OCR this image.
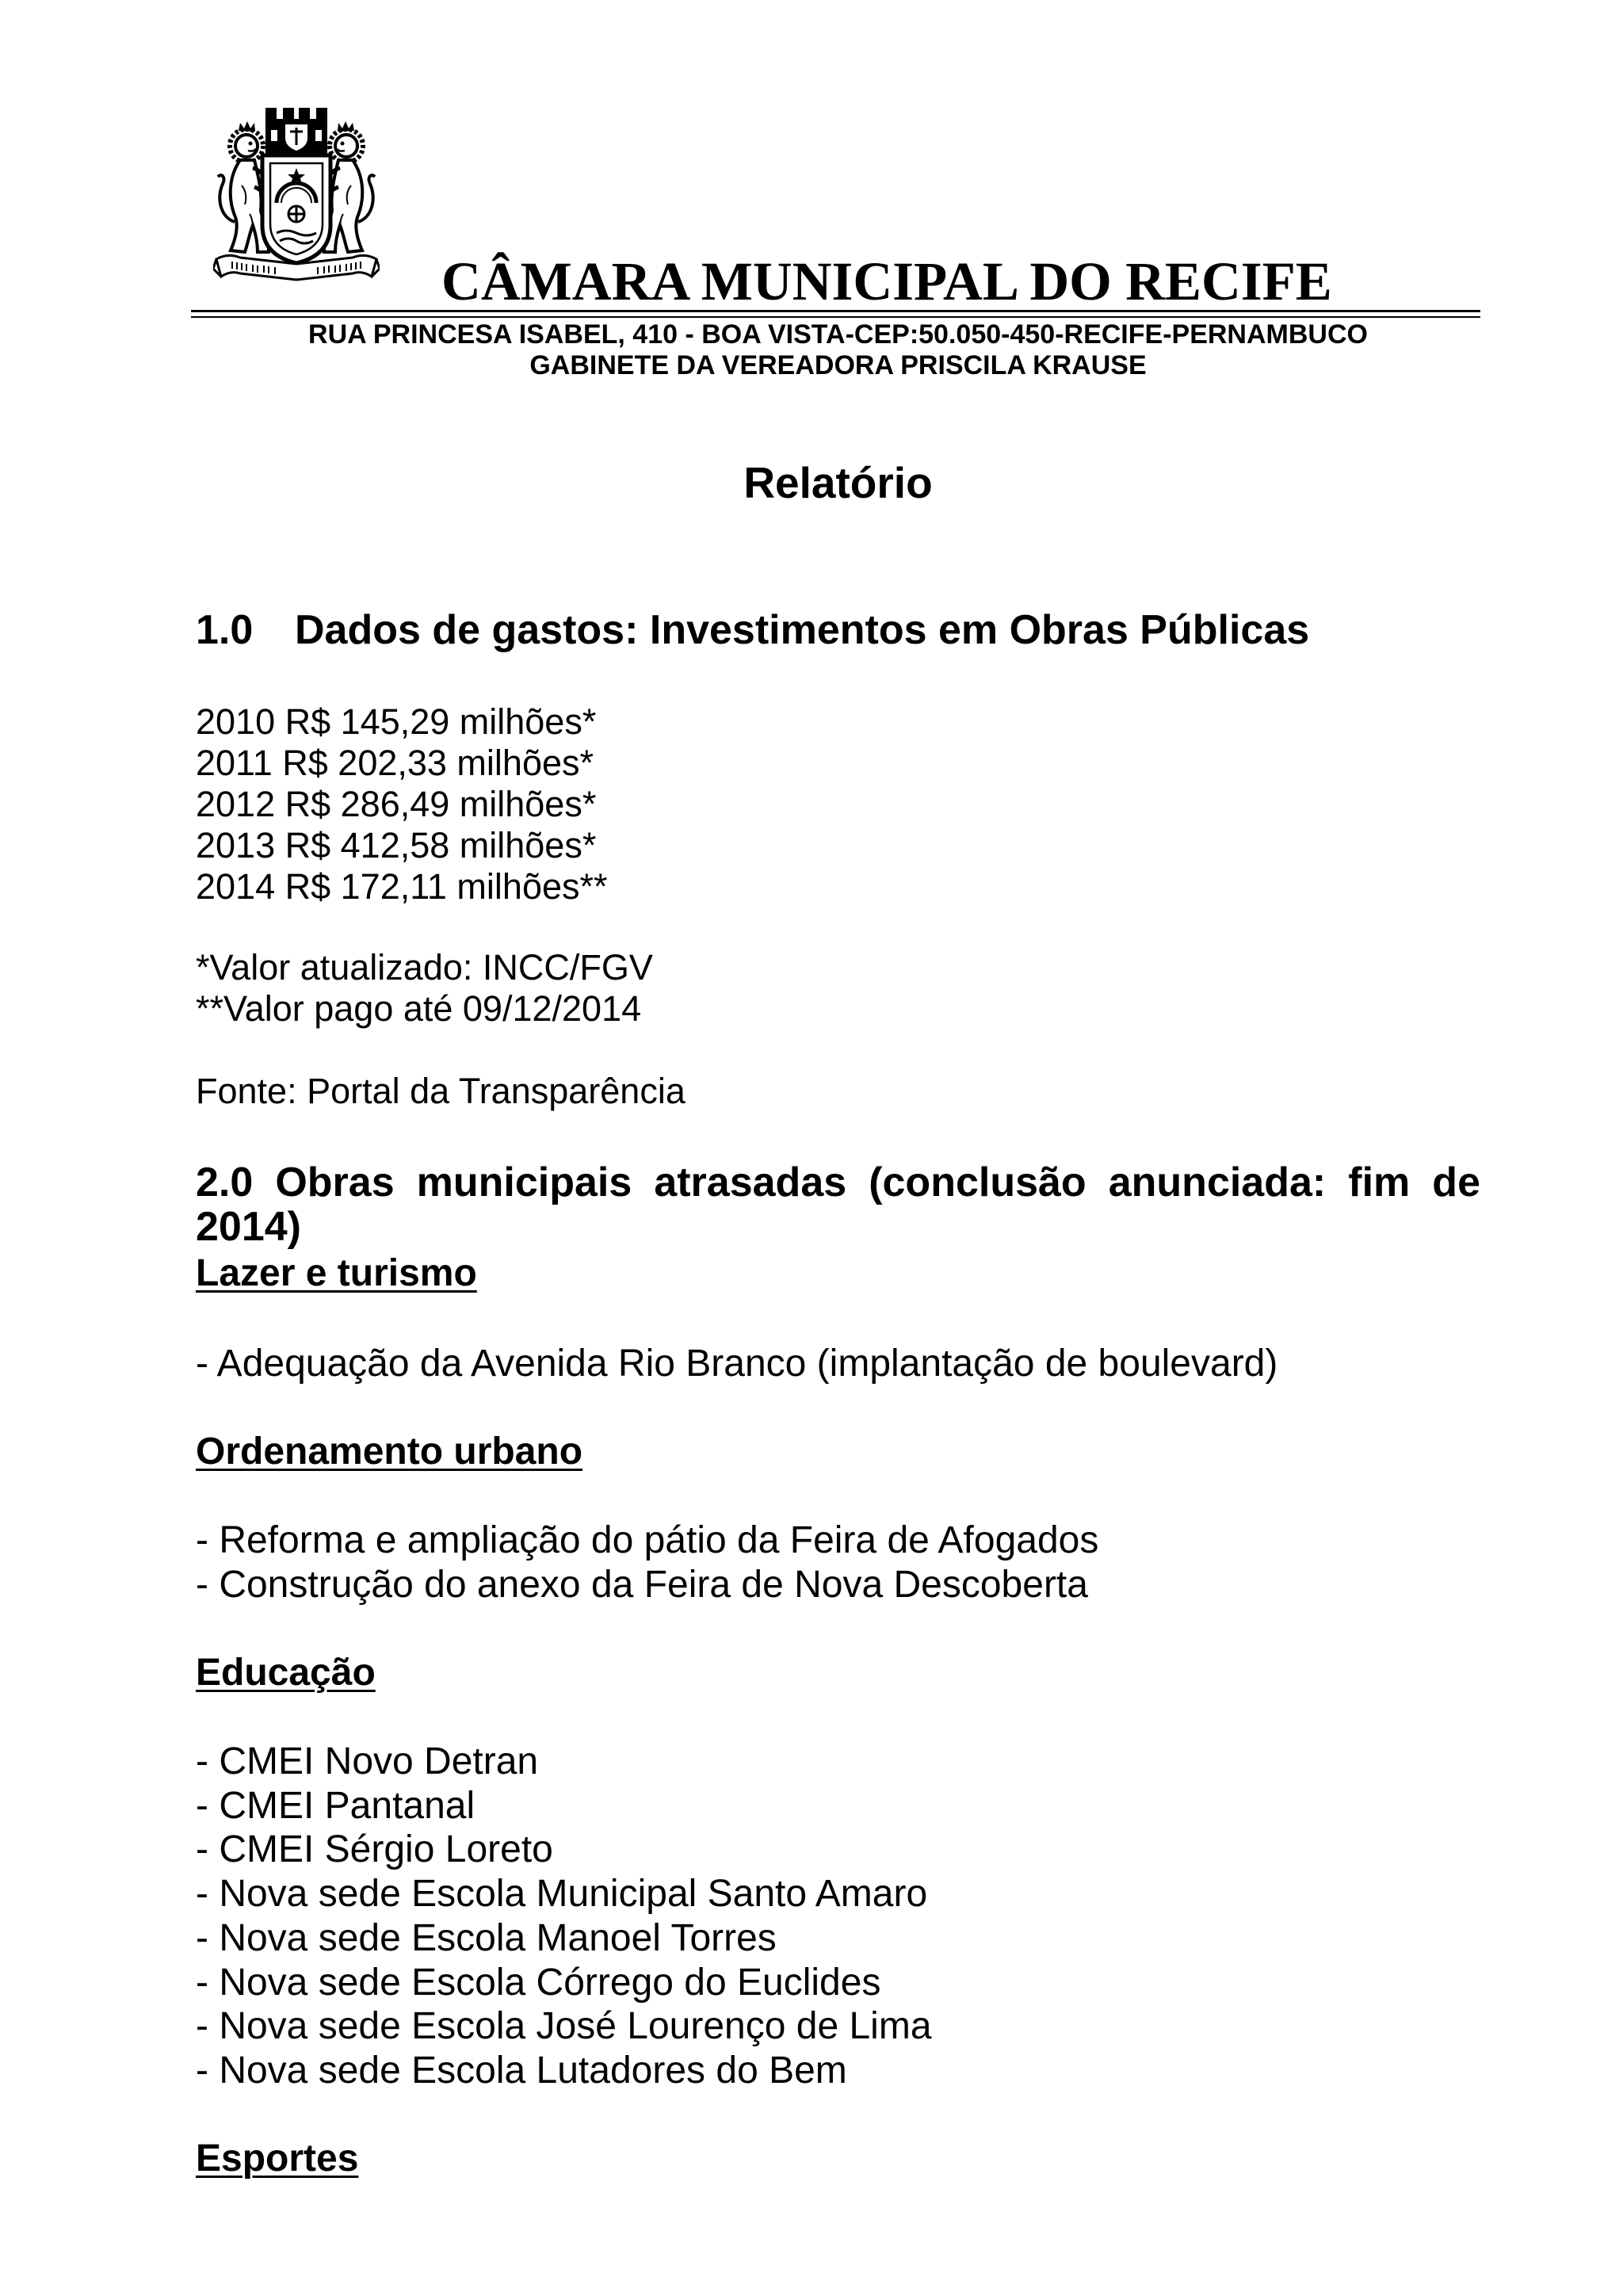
CÂMARA MUNICIPAL DO RECIFE
RUA PRINCESA ISABEL, 410 - BOA VISTA-CEP:50.050-450-RECIFE-PERNAMBUCO
GABINETE DA VEREADORA PRISCILA KRAUSE
Relatório
1.0 Dados de gastos: Investimentos em Obras Públicas
2010 R$ 145,29 milhões*
2011 R$ 202,33 milhões*
2012 R$ 286,49 milhões*
2013 R$ 412,58 milhões*
2014 R$ 172,11 milhões**
*Valor atualizado: INCC/FGV
**Valor pago até 09/12/2014
Fonte: Portal da Transparência
2.0 Obras municipais atrasadas (conclusão anunciada: fim de
2014)
Lazer e turismo
- Adequação da Avenida Rio Branco (implantação de boulevard)
Ordenamento urbano
- Reforma e ampliação do pátio da Feira de Afogados
- Construção do anexo da Feira de Nova Descoberta
Educação
- CMEI Novo Detran
- CMEI Pantanal
- CMEI Sérgio Loreto
- Nova sede Escola Municipal Santo Amaro
- Nova sede Escola Manoel Torres
- Nova sede Escola Córrego do Euclides
- Nova sede Escola José Lourenço de Lima
- Nova sede Escola Lutadores do Bem
Esportes
